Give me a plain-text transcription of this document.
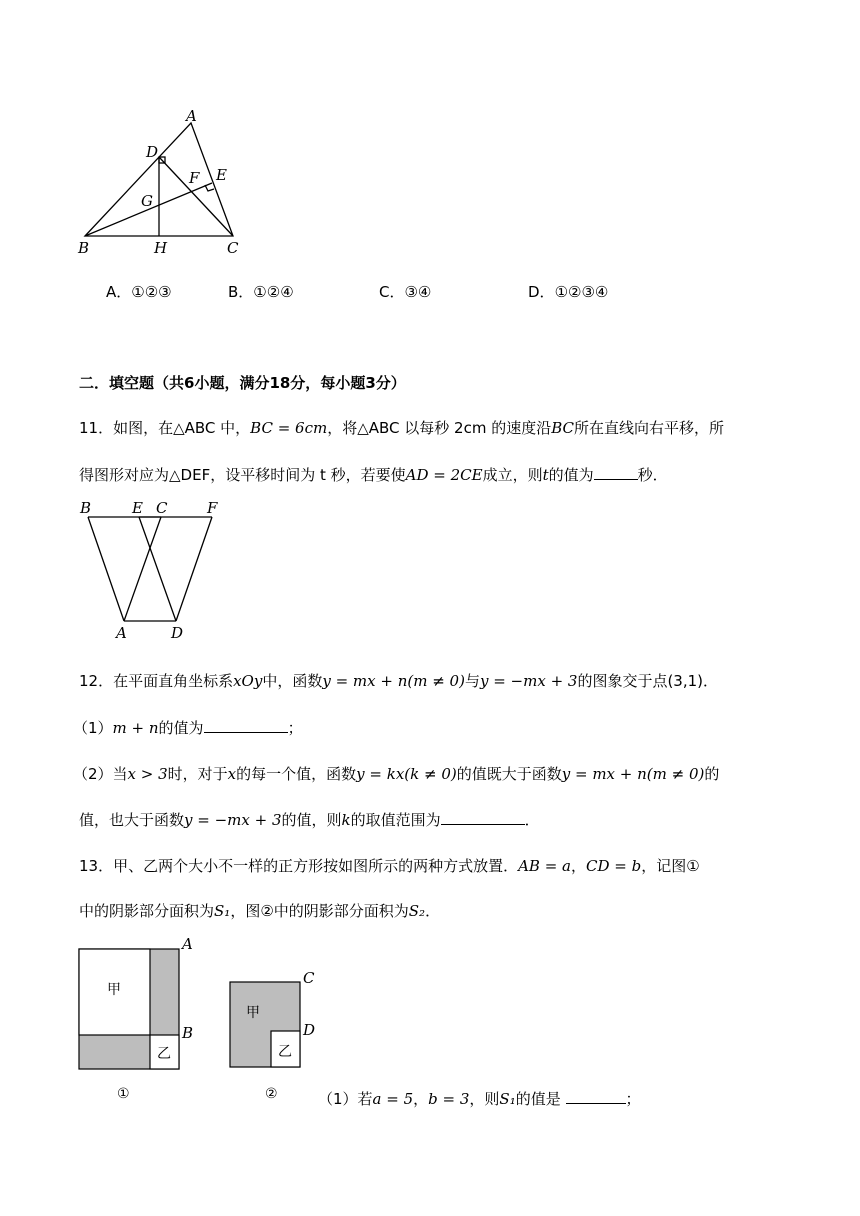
A
D
E
F
G
B	H	C
A．①②③	B．①②④	C．③④	D．①②③④
二．填空题（共6小题，满分18分，每小题3分）
11．如图，在△ABC 中，BC = 6cm，将△ABC 以每秒 2cm 的速度沿BC所在直线向右平移，所
得图形对应为△DEF，设平移时间为 t 秒，若要使AD = 2CE成立，则t的值为	秒．
B	E C	F
A	D
12．在平面直角坐标系xOy中，函数y = mx + n(m ≠ 0)与y = −mx + 3的图象交于点(3,1)．
（1）m + n的值为	；
（2）当x > 3时，对于x的每一个值，函数y = kx(k ≠ 0)的值既大于函数y = mx + n(m ≠ 0)的
值，也大于函数y = −mx + 3的值，则k的取值范围为	．
13．甲、乙两个大小不一样的正方形按如图所示的两种方式放置．AB = a，CD = b，记图①
中的阴影部分面积为S₁，图②中的阴影部分面积为S₂．
甲
乙
A
B
①
甲
乙
C
D
②	（1）若a = 5，b = 3，则S₁的值是	；
